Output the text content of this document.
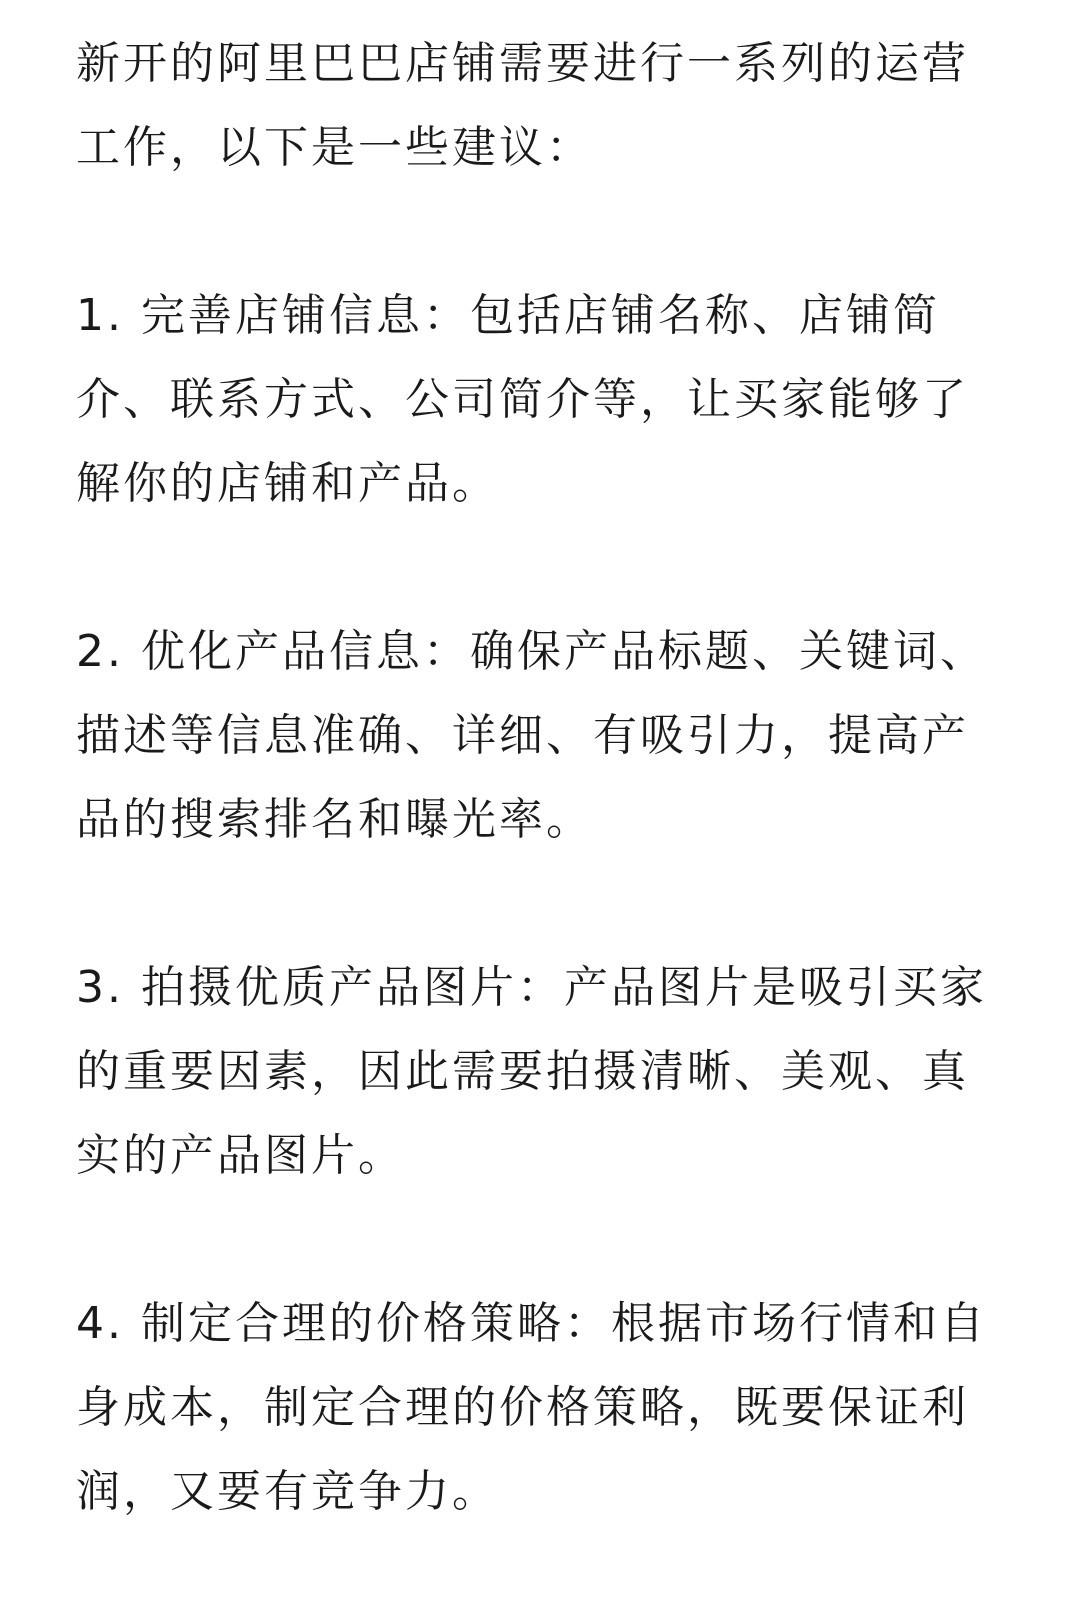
新开的阿里巴巴店铺需要进行一系列的运营工作，以下是一些建议：

1. 完善店铺信息：包括店铺名称、店铺简介、联系方式、公司简介等，让买家能够了解你的店铺和产品。

2. 优化产品信息：确保产品标题、关键词、描述等信息准确、详细、有吸引力，提高产品的搜索排名和曝光率。

3. 拍摄优质产品图片：产品图片是吸引买家的重要因素，因此需要拍摄清晰、美观、真实的产品图片。

4. 制定合理的价格策略：根据市场行情和自身成本，制定合理的价格策略，既要保证利润，又要有竞争力。
